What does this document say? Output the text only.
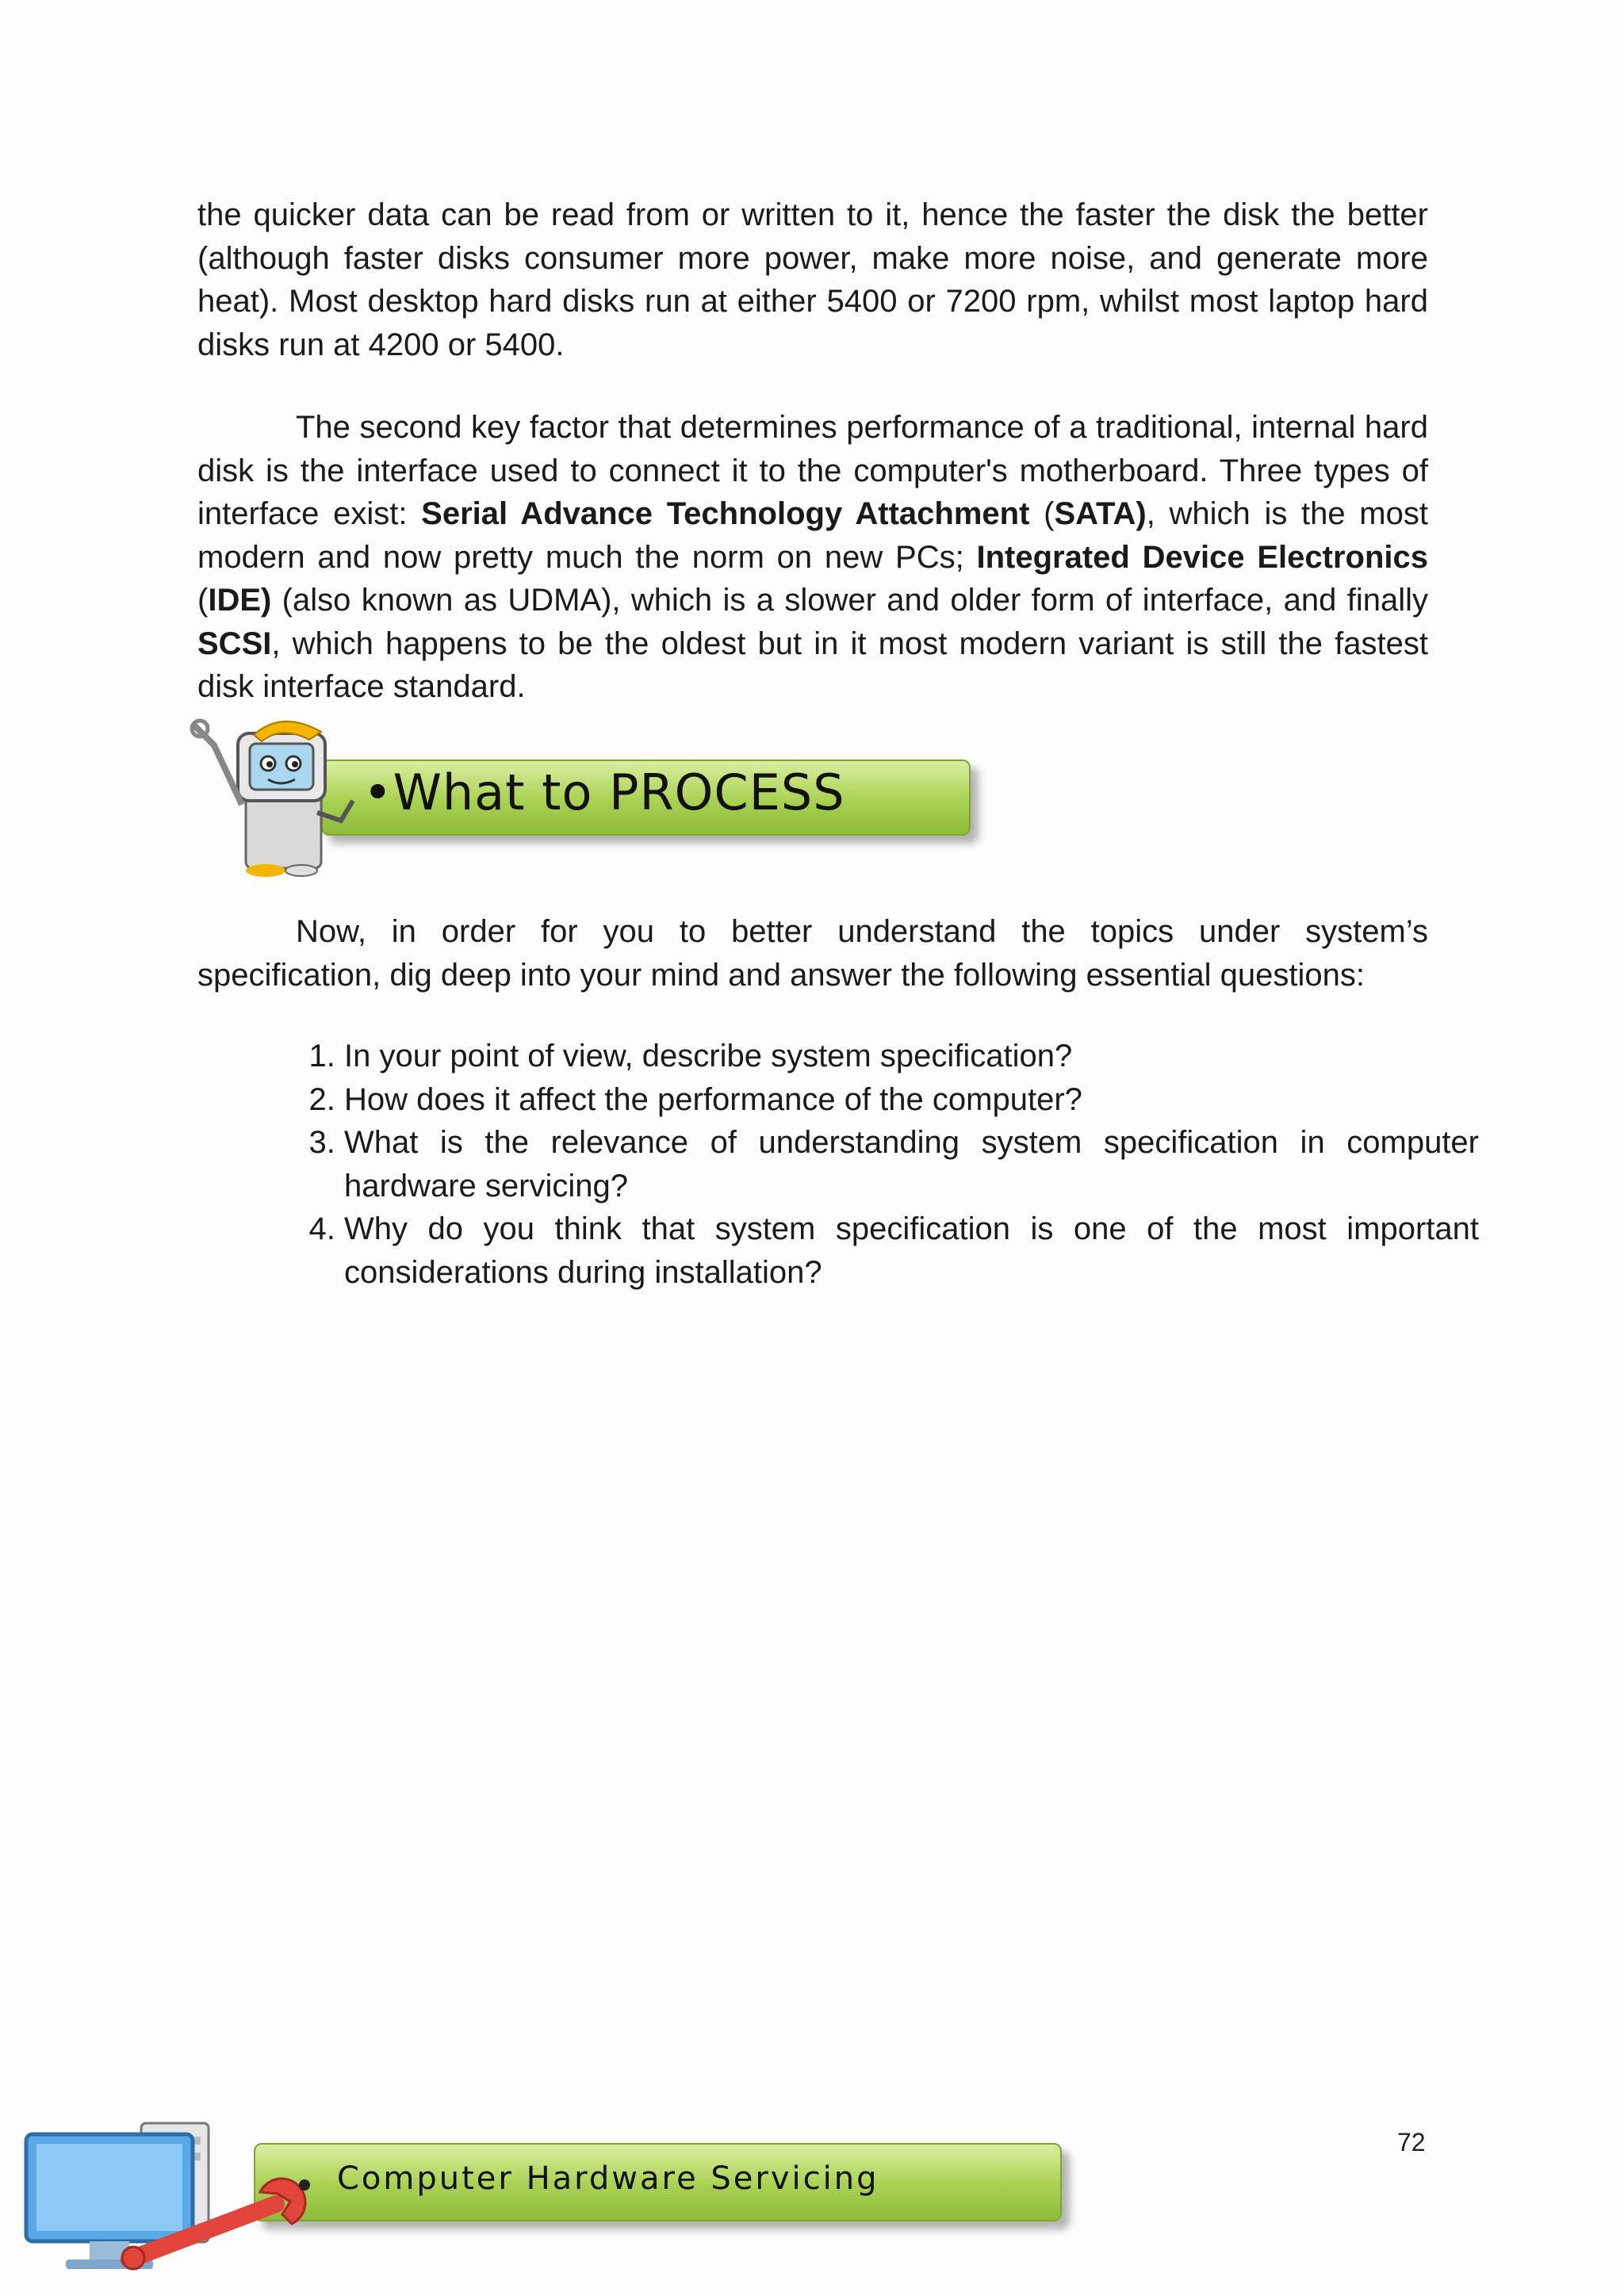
the quicker data can be read from or written to it, hence the faster the disk the better (although faster disks consumer more power, make more noise, and generate more heat). Most desktop hard disks run at either 5400 or 7200 rpm, whilst most laptop hard disks run at 4200 or 5400.

The second key factor that determines performance of a traditional, internal hard disk is the interface used to connect it to the computer's motherboard. Three types of interface exist: Serial Advance Technology Attachment (SATA), which is the most modern and now pretty much the norm on new PCs; Integrated Device Electronics (IDE) (also known as UDMA), which is a slower and older form of interface, and finally SCSI, which happens to be the oldest but in it most modern variant is still the fastest disk interface standard.

•What to PROCESS

Now, in order for you to better understand the topics under system’s specification, dig deep into your mind and answer the following essential questions:

1. In your point of view, describe system specification?
2. How does it affect the performance of the computer?
3. What is the relevance of understanding system specification in computer hardware servicing?
4. Why do you think that system specification is one of the most important considerations during installation?
72
Computer Hardware Servicing
